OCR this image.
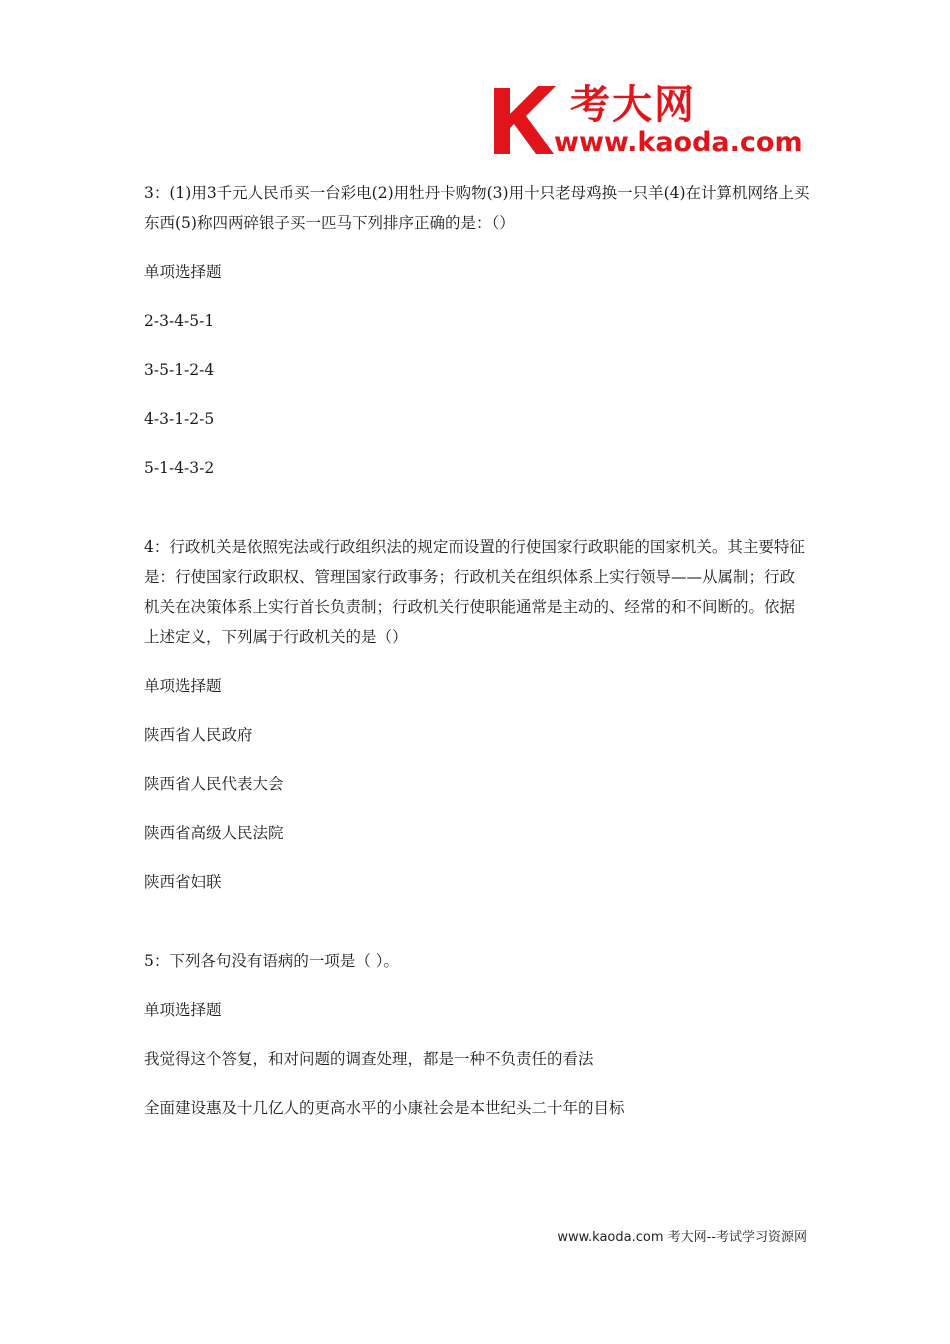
考大网
www.kaoda.com

3：(1)用3千元人民币买一台彩电(2)用牡丹卡购物(3)用十只老母鸡换一只羊(4)在计算机网络上买东西(5)称四两碎银子买一匹马下列排序正确的是：（）

单项选择题

2-3-4-5-1

3-5-1-2-4

4-3-1-2-5

5-1-4-3-2

4：行政机关是依照宪法或行政组织法的规定而设置的行使国家行政职能的国家机关。其主要特征是：行使国家行政职权、管理国家行政事务；行政机关在组织体系上实行领导——从属制；行政机关在决策体系上实行首长负责制；行政机关行使职能通常是主动的、经常的和不间断的。依据上述定义，下列属于行政机关的是（）

单项选择题

陕西省人民政府

陕西省人民代表大会

陕西省高级人民法院

陕西省妇联

5：下列各句没有语病的一项是（ ）。

单项选择题

我觉得这个答复，和对问题的调查处理，都是一种不负责任的看法

全面建设惠及十几亿人的更高水平的小康社会是本世纪头二十年的目标

www.kaoda.com 考大网--考试学习资源网
